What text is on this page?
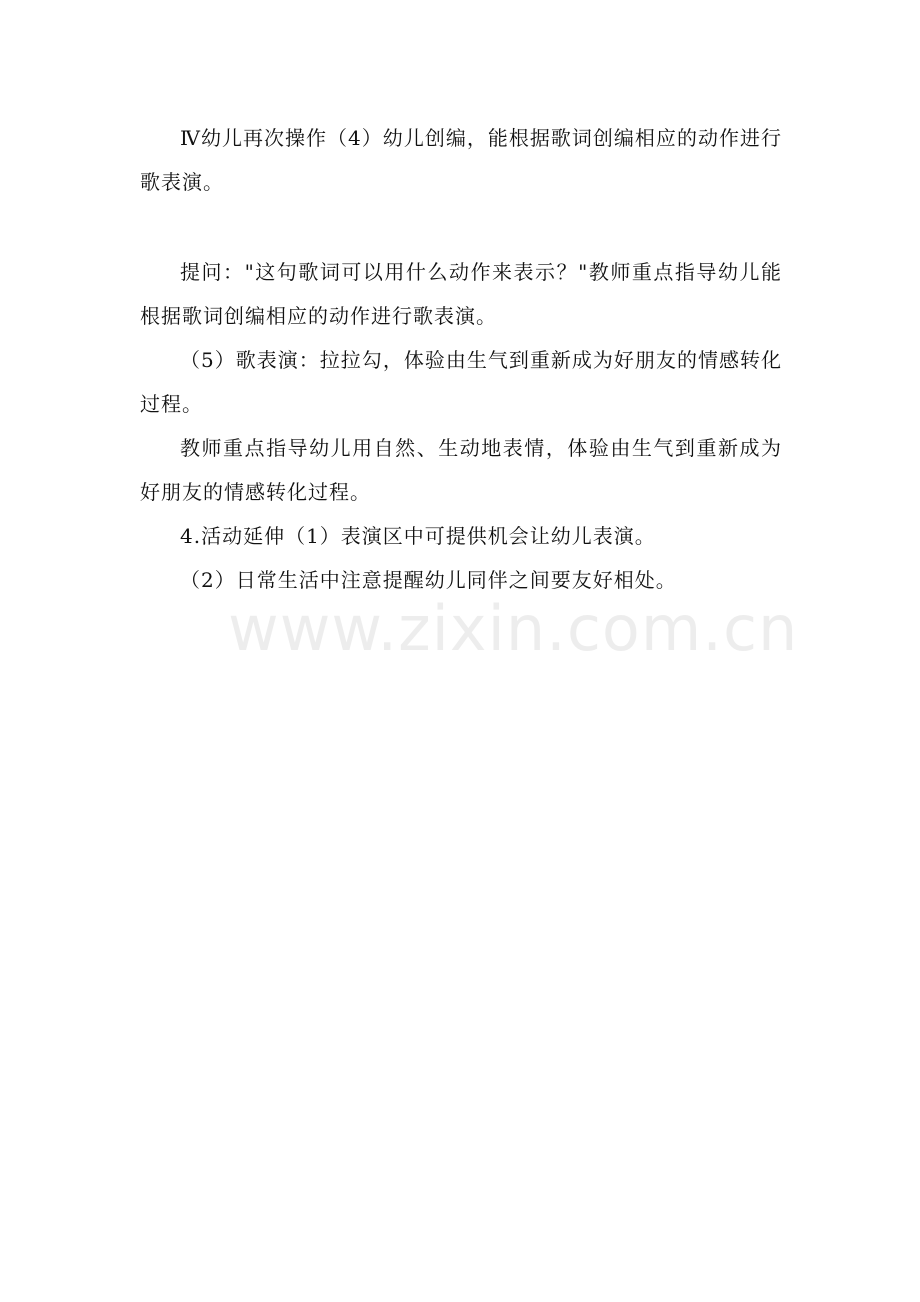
Ⅳ幼儿再次操作（4）幼儿创编，能根据歌词创编相应的动作进行歌表演。

提问："这句歌词可以用什么动作来表示？"教师重点指导幼儿能根据歌词创编相应的动作进行歌表演。

（5）歌表演：拉拉勾，体验由生气到重新成为好朋友的情感转化过程。

教师重点指导幼儿用自然、生动地表情，体验由生气到重新成为好朋友的情感转化过程。

4.活动延伸（1）表演区中可提供机会让幼儿表演。

（2）日常生活中注意提醒幼儿同伴之间要友好相处。

www.zixin.com.cn
